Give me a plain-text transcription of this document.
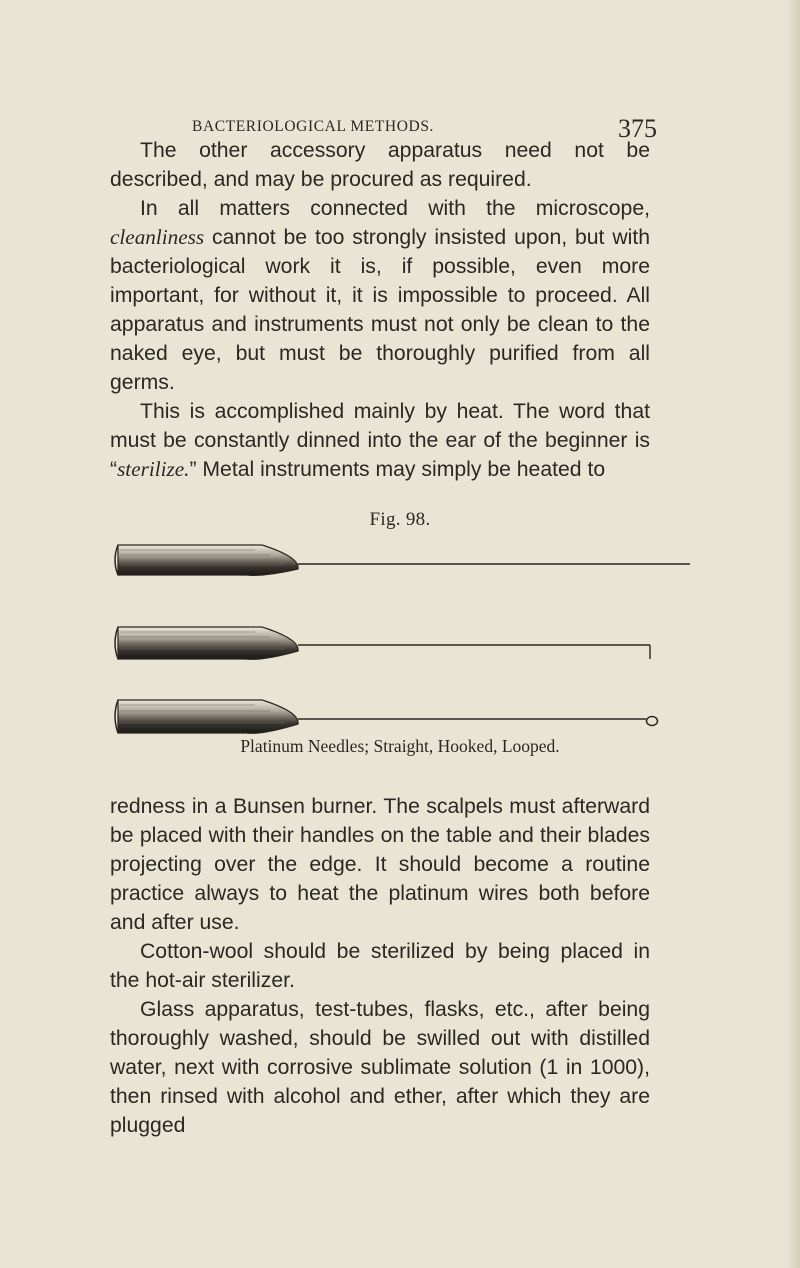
BACTERIOLOGICAL METHODS.	375

The other accessory apparatus need not be described, and may be procured as required.

In all matters connected with the microscope, cleanliness cannot be too strongly insisted upon, but with bacteriological work it is, if possible, even more important, for without it, it is impossible to proceed. All apparatus and instruments must not only be clean to the naked eye, but must be thoroughly purified from all germs.

This is accomplished mainly by heat. The word that must be constantly dinned into the ear of the beginner is “sterilize.” Metal instruments may simply be heated to

Fig. 98.
Platinum Needles; Straight, Hooked, Looped.

redness in a Bunsen burner. The scalpels must afterward be placed with their handles on the table and their blades projecting over the edge. It should become a routine practice always to heat the platinum wires both before and after use.

Cotton-wool should be sterilized by being placed in the hot-air sterilizer.

Glass apparatus, test-tubes, flasks, etc., after being thoroughly washed, should be swilled out with distilled water, next with corrosive sublimate solution (1 in 1000), then rinsed with alcohol and ether, after which they are plugged
